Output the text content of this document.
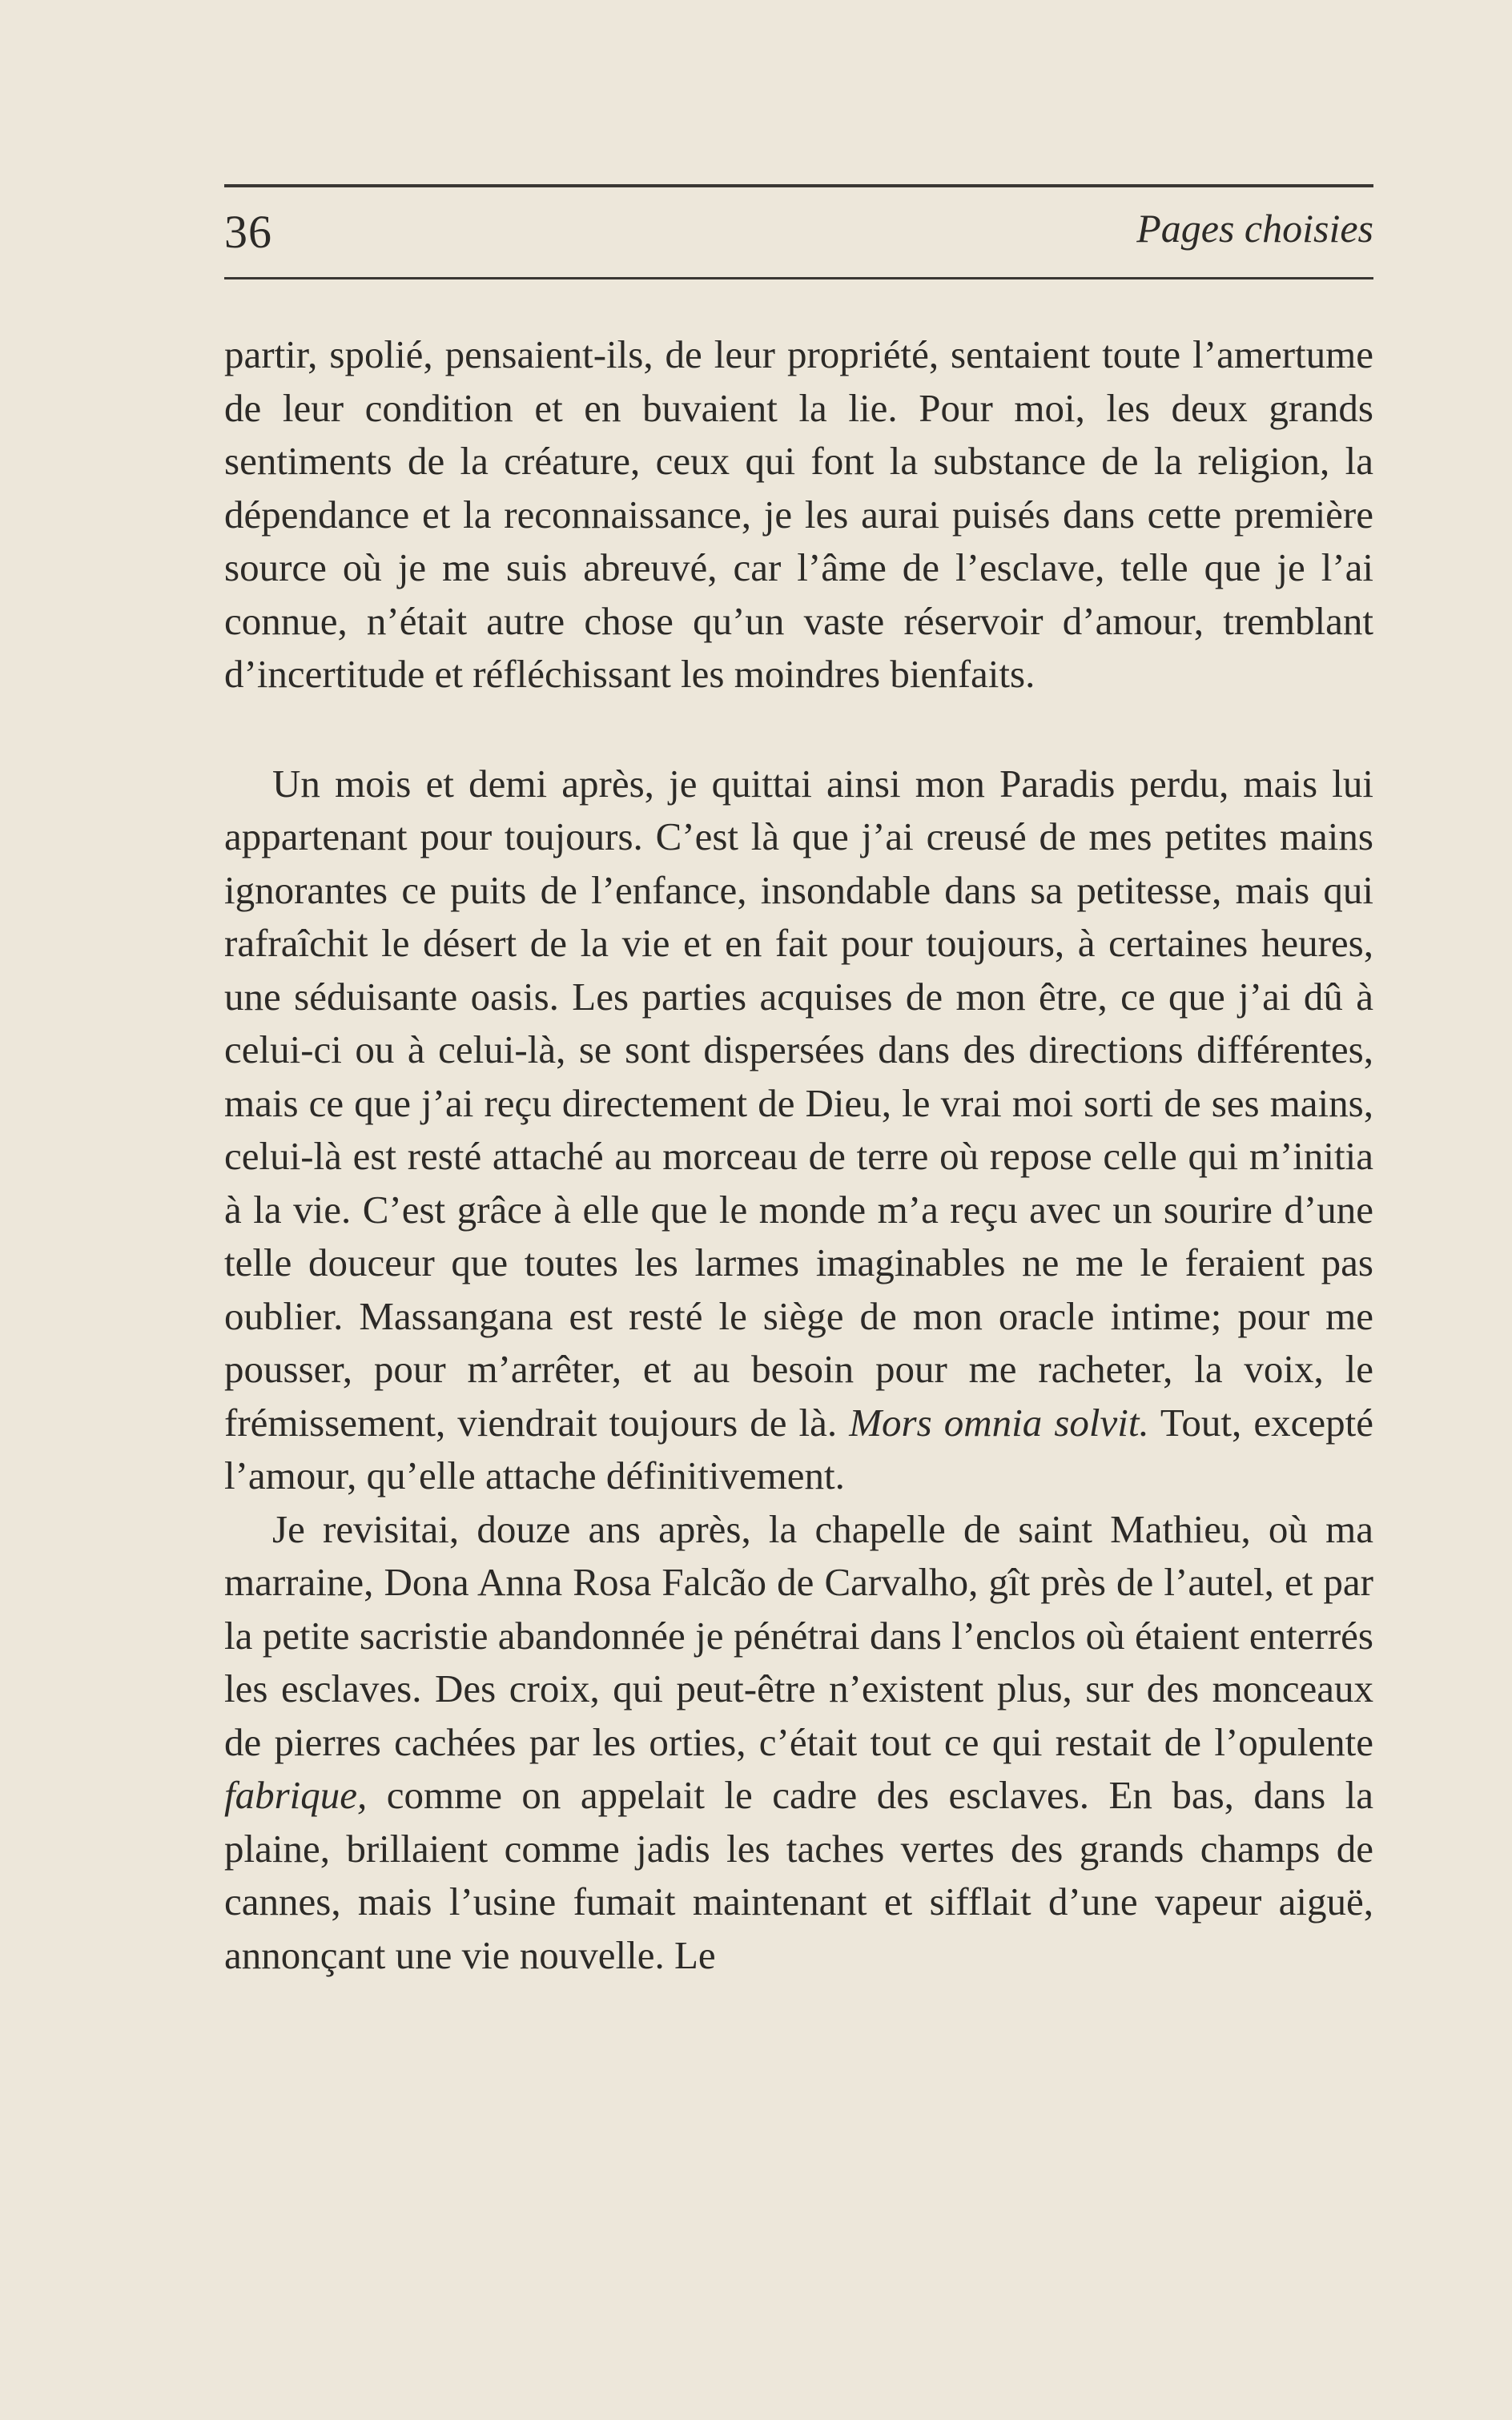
36	Pages choisies

partir, spolié, pensaient-ils, de leur propriété, sentaient toute l’amertume de leur condition et en buvaient la lie. Pour moi, les deux grands sentiments de la créature, ceux qui font la substance de la religion, la dépendance et la reconnaissance, je les aurai puisés dans cette première source où je me suis abreuvé, car l’âme de l’esclave, telle que je l’ai connue, n’était autre chose qu’un vaste réservoir d’amour, tremblant d’incertitude et réfléchissant les moindres bienfaits.

Un mois et demi après, je quittai ainsi mon Paradis perdu, mais lui appartenant pour toujours. C’est là que j’ai creusé de mes petites mains ignorantes ce puits de l’enfance, insondable dans sa petitesse, mais qui rafraîchit le désert de la vie et en fait pour toujours, à certaines heures, une séduisante oasis. Les parties acquises de mon être, ce que j’ai dû à celui-ci ou à celui-là, se sont dispersées dans des directions différentes, mais ce que j’ai reçu directement de Dieu, le vrai moi sorti de ses mains, celui-là est resté attaché au morceau de terre où repose celle qui m’initia à la vie. C’est grâce à elle que le monde m’a reçu avec un sourire d’une telle douceur que toutes les larmes imaginables ne me le feraient pas oublier. Massangana est resté le siège de mon oracle intime; pour me pousser, pour m’arrêter, et au besoin pour me racheter, la voix, le frémissement, viendrait toujours de là. Mors omnia solvit. Tout, excepté l’amour, qu’elle attache définitivement.

Je revisitai, douze ans après, la chapelle de saint Mathieu, où ma marraine, Dona Anna Rosa Falcão de Carvalho, gît près de l’autel, et par la petite sacristie abandonnée je pénétrai dans l’enclos où étaient enterrés les esclaves. Des croix, qui peut-être n’existent plus, sur des monceaux de pierres cachées par les orties, c’était tout ce qui restait de l’opulente fabrique, comme on appelait le cadre des esclaves. En bas, dans la plaine, brillaient comme jadis les taches vertes des grands champs de cannes, mais l’usine fumait maintenant et sifflait d’une vapeur aiguë, annonçant une vie nouvelle. Le
